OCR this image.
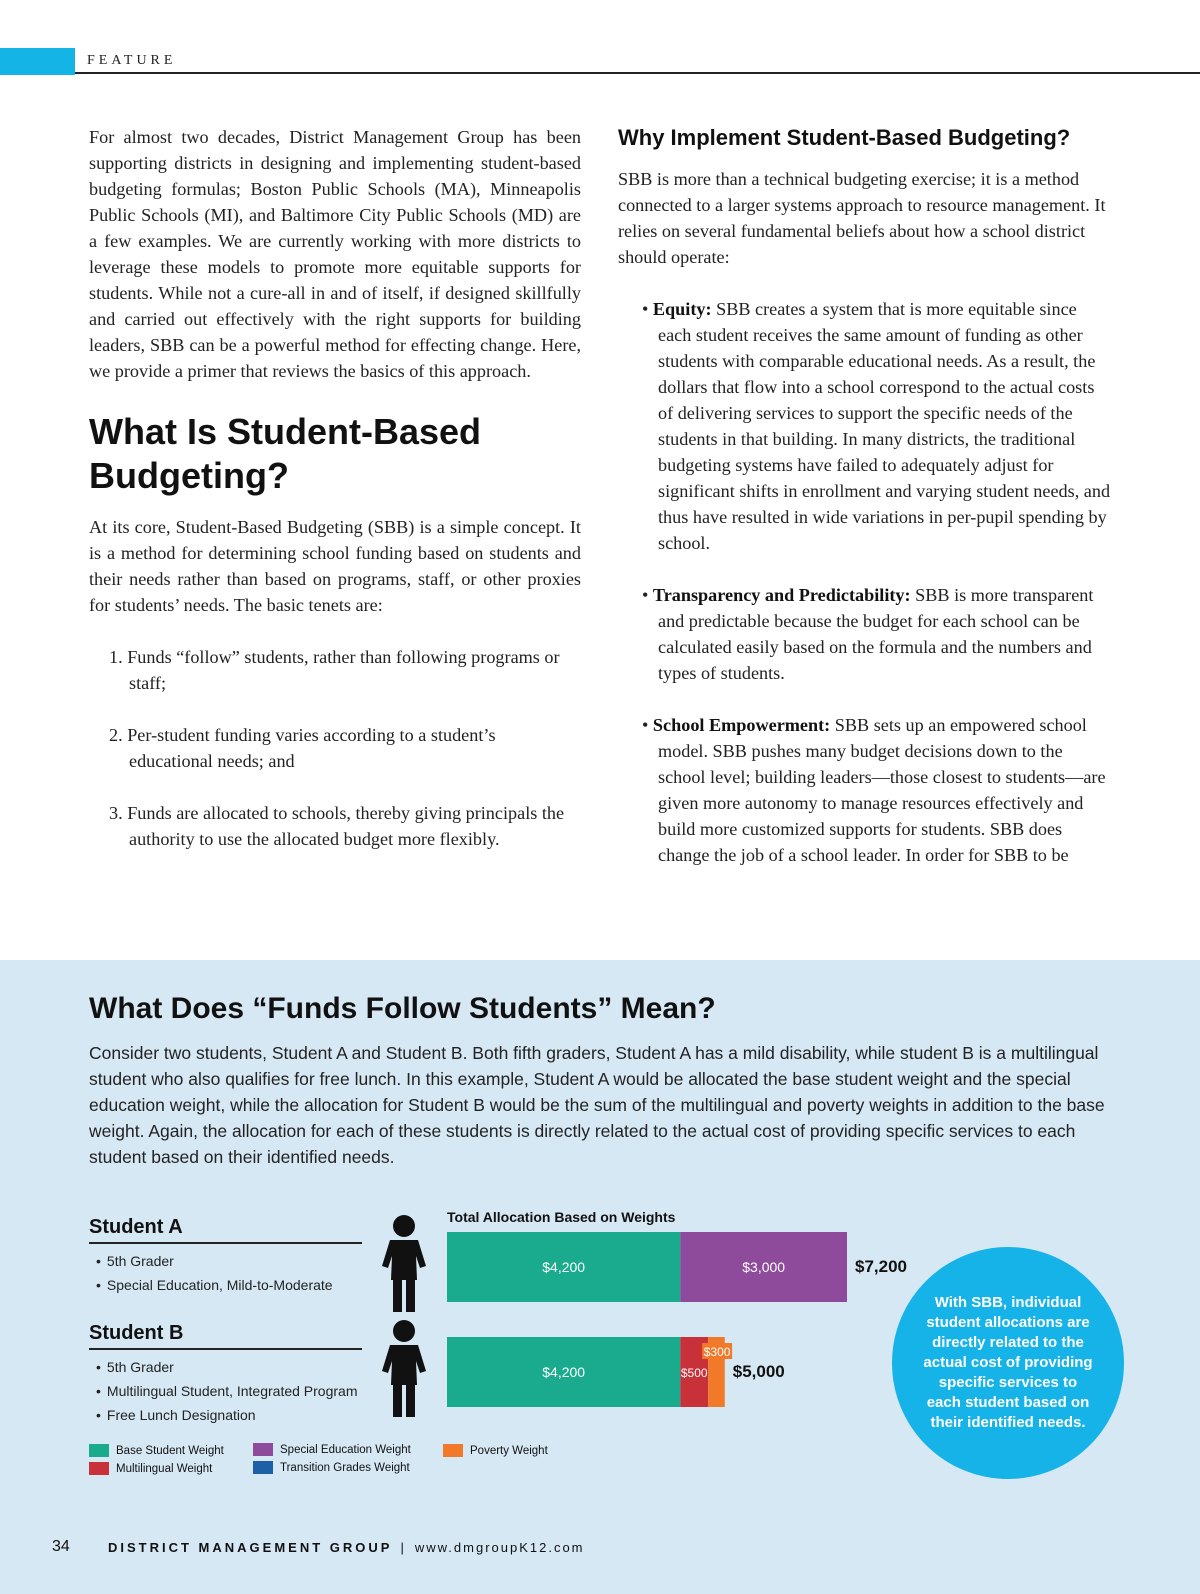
FEATURE

For almost two decades, District Management Group has been supporting districts in designing and implementing student-based budgeting formulas; Boston Public Schools (MA), Minneapolis Public Schools (MI), and Baltimore City Public Schools (MD) are a few examples. We are currently working with more districts to leverage these models to promote more equitable supports for students. While not a cure-all in and of itself, if designed skillfully and carried out effectively with the right supports for building leaders, SBB can be a powerful method for effecting change. Here, we provide a primer that reviews the basics of this approach.

What Is Student-Based Budgeting?

At its core, Student-Based Budgeting (SBB) is a simple concept. It is a method for determining school funding based on students and their needs rather than based on programs, staff, or other proxies for students’ needs. The basic tenets are:

1. Funds “follow” students, rather than following programs or staff;
2. Per-student funding varies according to a student’s educational needs; and
3. Funds are allocated to schools, thereby giving principals the authority to use the allocated budget more flexibly.
Why Implement Student-Based Budgeting?

SBB is more than a technical budgeting exercise; it is a method connected to a larger systems approach to resource management. It relies on several fundamental beliefs about how a school district should operate:

• Equity: SBB creates a system that is more equitable since each student receives the same amount of funding as other students with comparable educational needs. As a result, the dollars that flow into a school correspond to the actual costs of delivering services to support the specific needs of the students in that building. In many districts, the traditional budgeting systems have failed to adequately adjust for significant shifts in enrollment and varying student needs, and thus have resulted in wide variations in per-pupil spending by school.
• Transparency and Predictability: SBB is more transparent and predictable because the budget for each school can be calculated easily based on the formula and the numbers and types of students.
• School Empowerment: SBB sets up an empowered school model. SBB pushes many budget decisions down to the school level; building leaders—those closest to students—are given more autonomy to manage resources effectively and build more customized supports for students. SBB does change the job of a school leader. In order for SBB to be
What Does “Funds Follow Students” Mean?

Consider two students, Student A and Student B. Both fifth graders, Student A has a mild disability, while student B is a multilingual student who also qualifies for free lunch. In this example, Student A would be allocated the base student weight and the special education weight, while the allocation for Student B would be the sum of the multilingual and poverty weights in addition to the base weight. Again, the allocation for each of these students is directly related to the actual cost of providing specific services to each student based on their identified needs.

Student A
• 5th Grader
• Special Education, Mild-to-Moderate
Student B
• 5th Grader
• Multilingual Student, Integrated Program
• Free Lunch Designation
Total Allocation Based on Weights
$4,200	$3,000	$7,200
$4,200	$500
$300
$5,000
Base Student Weight
Multilingual Weight
Special Education Weight
Transition Grades Weight
Poverty Weight
With SBB, individual student allocations are directly related to the actual cost of providing specific services to each student based on their identified needs.
34	DISTRICT MANAGEMENT GROUP | www.dmgroupK12.com
